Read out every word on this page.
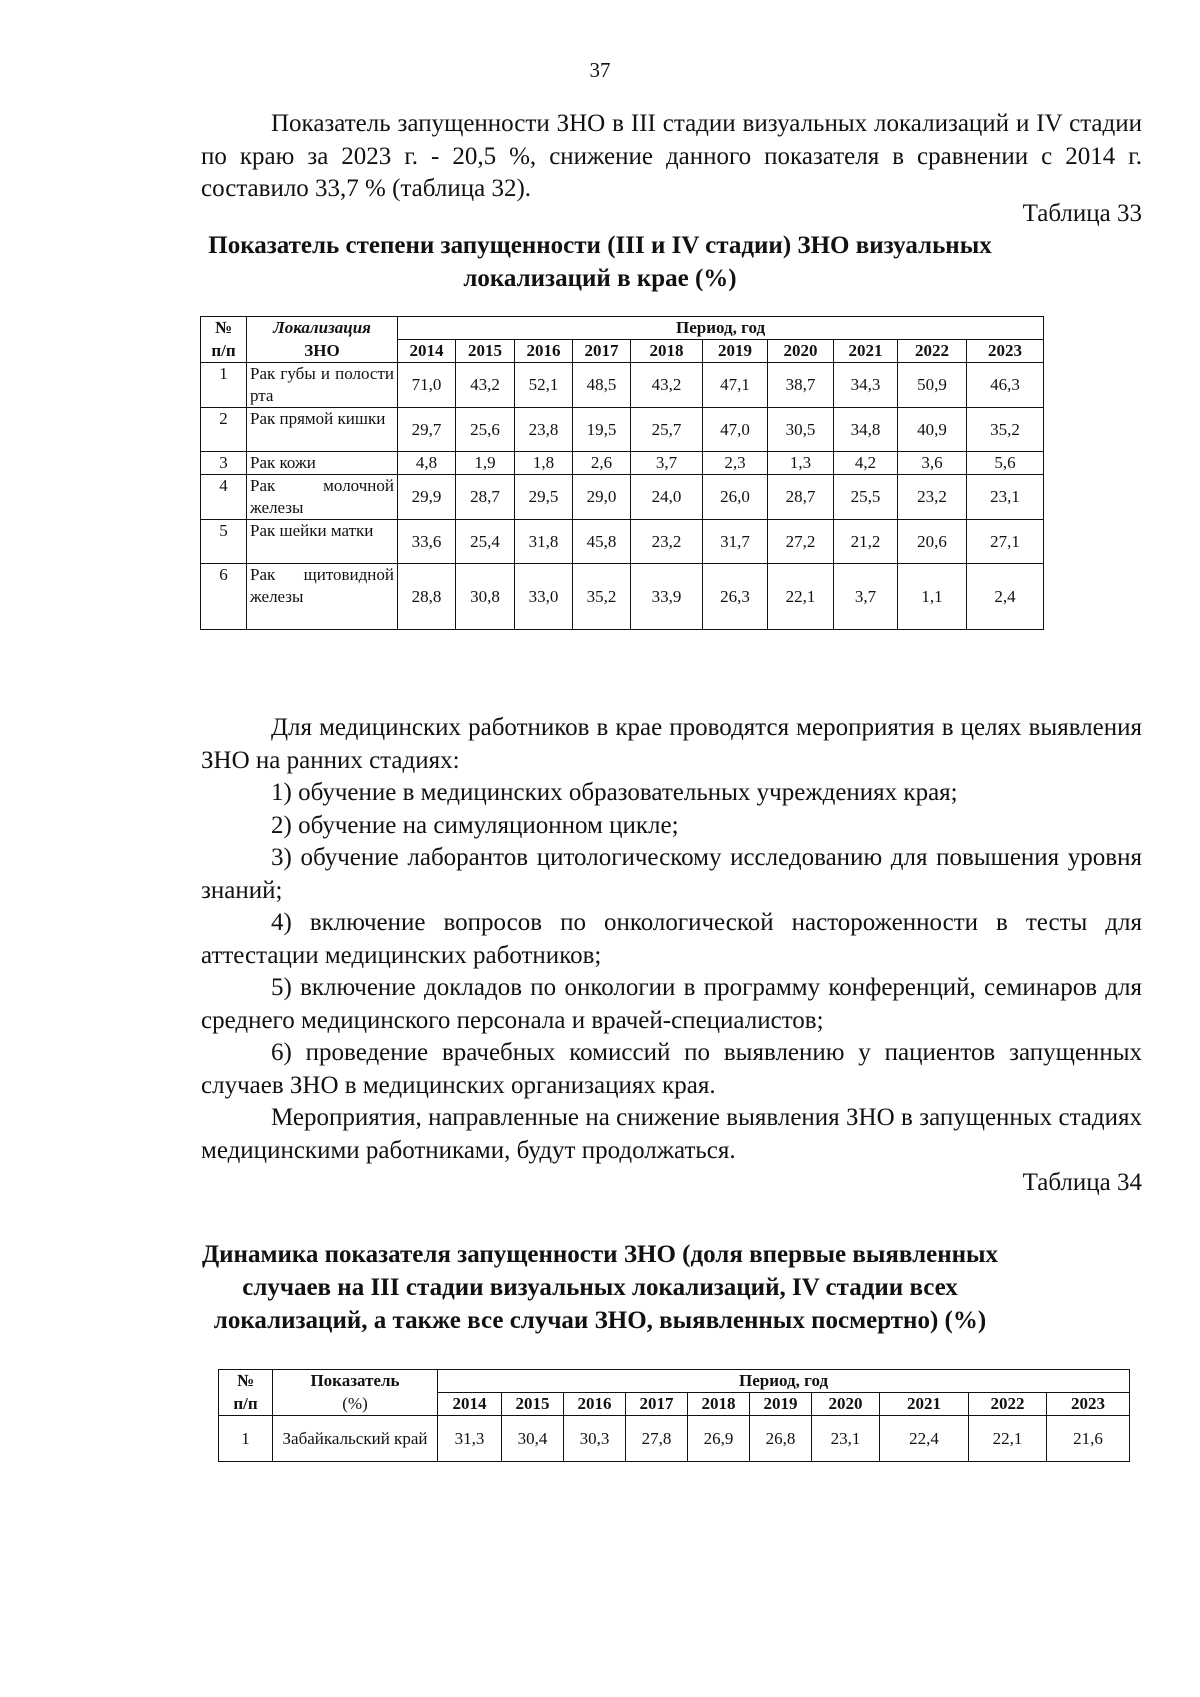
37

Показатель запущенности ЗНО в III стадии визуальных локализаций и IV стадии по краю за 2023 г. - 20,5 %, снижение данного показателя в сравнении с 2014 г. составило 33,7 % (таблица 32).

Таблица 33

Показатель степени запущенности (III и IV стадии) ЗНО визуальных

локализаций в крае (%)

№	Локализация	Период, год									
п/п	ЗНО	2014	2015	2016	2017	2018	2019	2020	2021	2022	2023
1	Рак губы и полости рта	71,0	43,2	52,1	48,5	43,2	47,1	38,7	34,3	50,9	46,3
2	Рак прямой кишки	29,7	25,6	23,8	19,5	25,7	47,0	30,5	34,8	40,9	35,2
3	Рак кожи	4,8	1,9	1,8	2,6	3,7	2,3	1,3	4,2	3,6	5,6
4	Рак молочной железы	29,9	28,7	29,5	29,0	24,0	26,0	28,7	25,5	23,2	23,1
5	Рак шейки матки	33,6	25,4	31,8	45,8	23,2	31,7	27,2	21,2	20,6	27,1
6	Рак щитовидной железы	28,8	30,8	33,0	35,2	33,9	26,3	22,1	3,7	1,1	2,4

Для медицинских работников в крае проводятся мероприятия в целях выявления ЗНО на ранних стадиях:

1) обучение в медицинских образовательных учреждениях края;

2) обучение на симуляционном цикле;

3) обучение лаборантов цитологическому исследованию для повышения уровня знаний;

4) включение вопросов по онкологической настороженности в тесты для аттестации медицинских работников;

5) включение докладов по онкологии в программу конференций, семинаров для среднего медицинского персонала и врачей-специалистов;

6) проведение врачебных комиссий по выявлению у пациентов запущенных случаев ЗНО в медицинских организациях края.

Мероприятия, направленные на снижение выявления ЗНО в запущенных стадиях медицинскими работниками, будут продолжаться.

Таблица 34

Динамика показателя запущенности ЗНО (доля впервые выявленных

случаев на III стадии визуальных локализаций, IV стадии всех

локализаций, а также все случаи ЗНО, выявленных посмертно) (%)

№	Показатель	Период, год									
п/п	(%)	2014	2015	2016	2017	2018	2019	2020	2021	2022	2023
1	Забайкальский край	31,3	30,4	30,3	27,8	26,9	26,8	23,1	22,4	22,1	21,6
